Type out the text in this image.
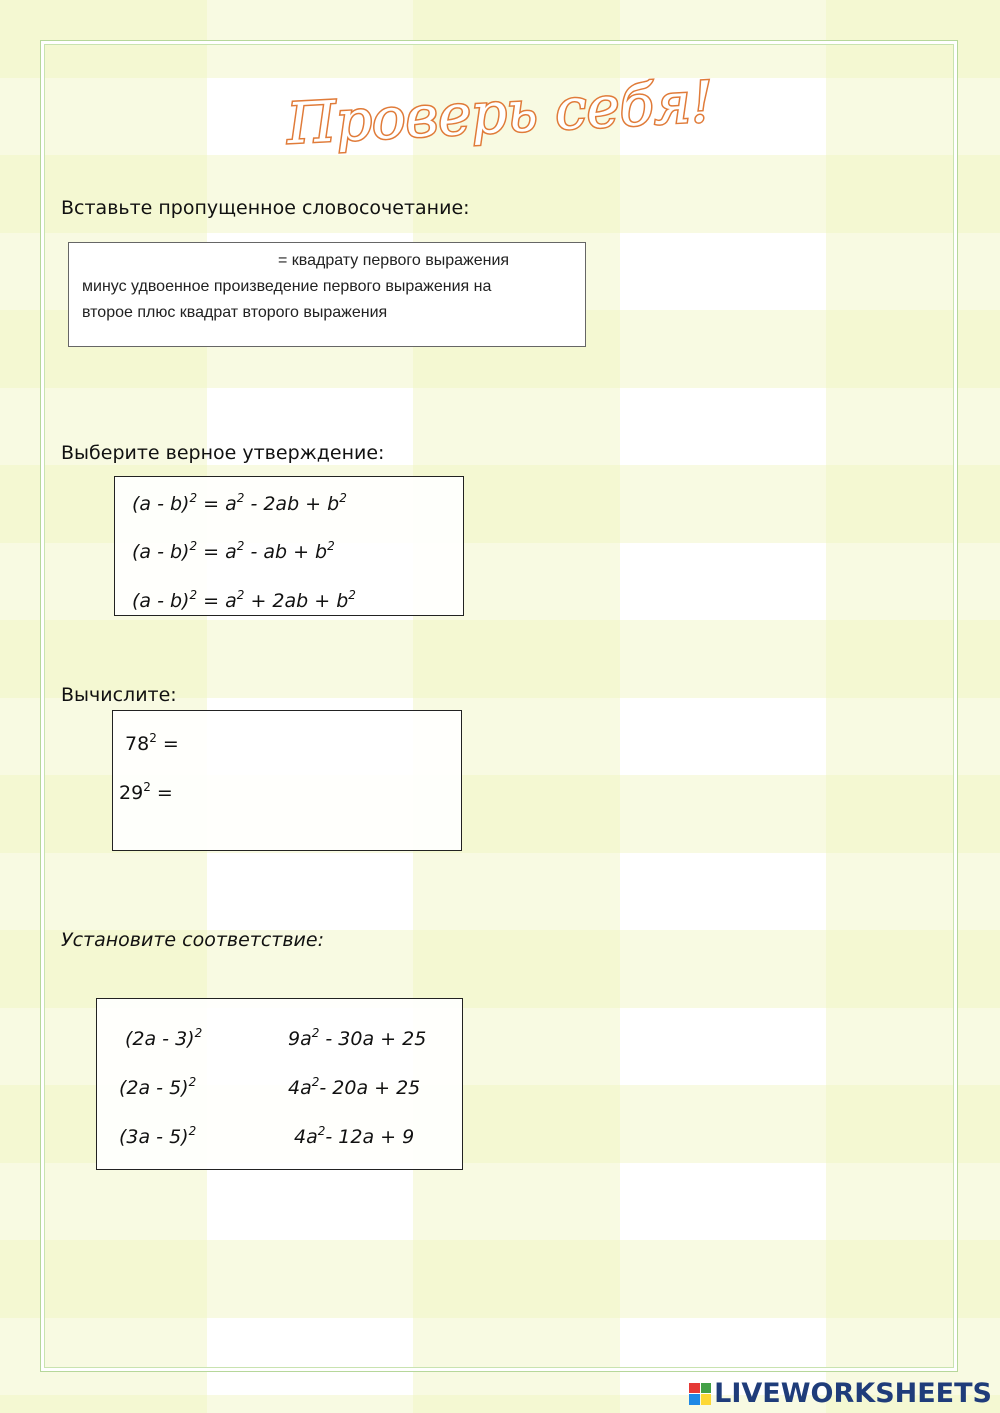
Проверь себя!
Вставьте пропущенное словосочетание:
= квадрату первого выражения
минус удвоенное произведение первого выражения на
второе плюс квадрат второго выражения
Выберите верное утверждение:
$(a - b)^2 = a^2 - 2ab + b^2$
$(a - b)^2 = a^2$ - ab + $b^2$
$(a - b)^2 = a^2 + 2ab + b^2$
Вычислите:
$78^2$ =
$29^2$ =
Установите соответствие:
(2a - 3)$^2$
(2a - 5)$^2$
(3a - 5)$^2$
$9a^2 - 30a + 25$
$4a^2-$ 20a + 25
$4a^2-$ 12a + 9
LIVEWORKSHEETS
